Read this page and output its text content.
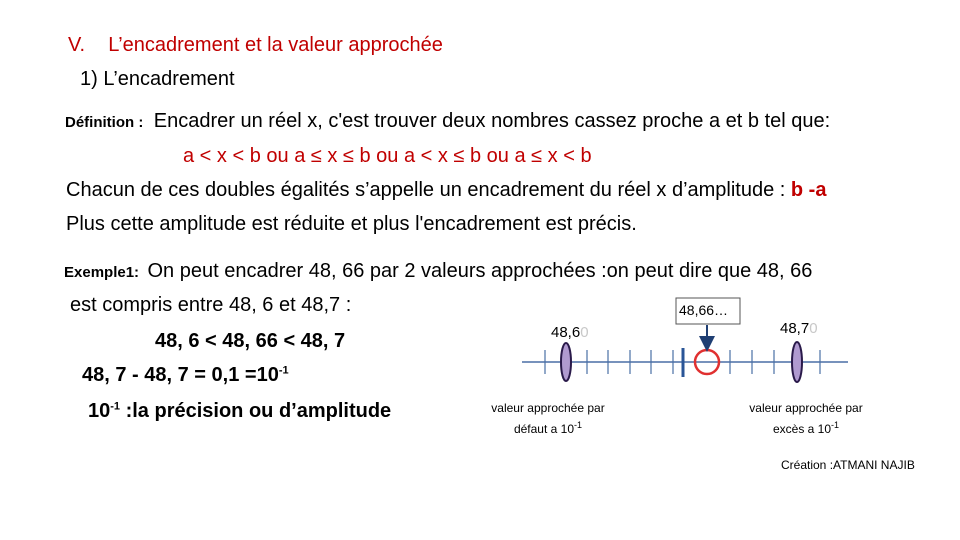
V. L’encadrement et la valeur approchée
1) L’encadrement
Définition : Encadrer un réel x, c'est trouver deux nombres cassez proche a et b tel que:
a < x < b ou a ≤ x ≤ b ou a < x ≤ b ou a ≤ x < b
Chacun de ces doubles égalités s’appelle un encadrement du réel x d’amplitude : b -a
Plus cette amplitude est réduite et plus l'encadrement est précis.
Exemple1: On peut encadrer 48, 66 par 2 valeurs approchées :on peut dire que 48, 66
est compris entre 48, 6 et 48,7 :
48, 6 < 48, 66 < 48, 7
48, 7 - 48, $7 = 0,1 =10^{-1}$
$10^{-1}$ :la précision ou d’amplitude
48,60	48,70
48,66…
valeur approchée par
défaut a $10^{-1}$
valeur approchée par
excès a $10^{-1}$
Création :ATMANI NAJIB
